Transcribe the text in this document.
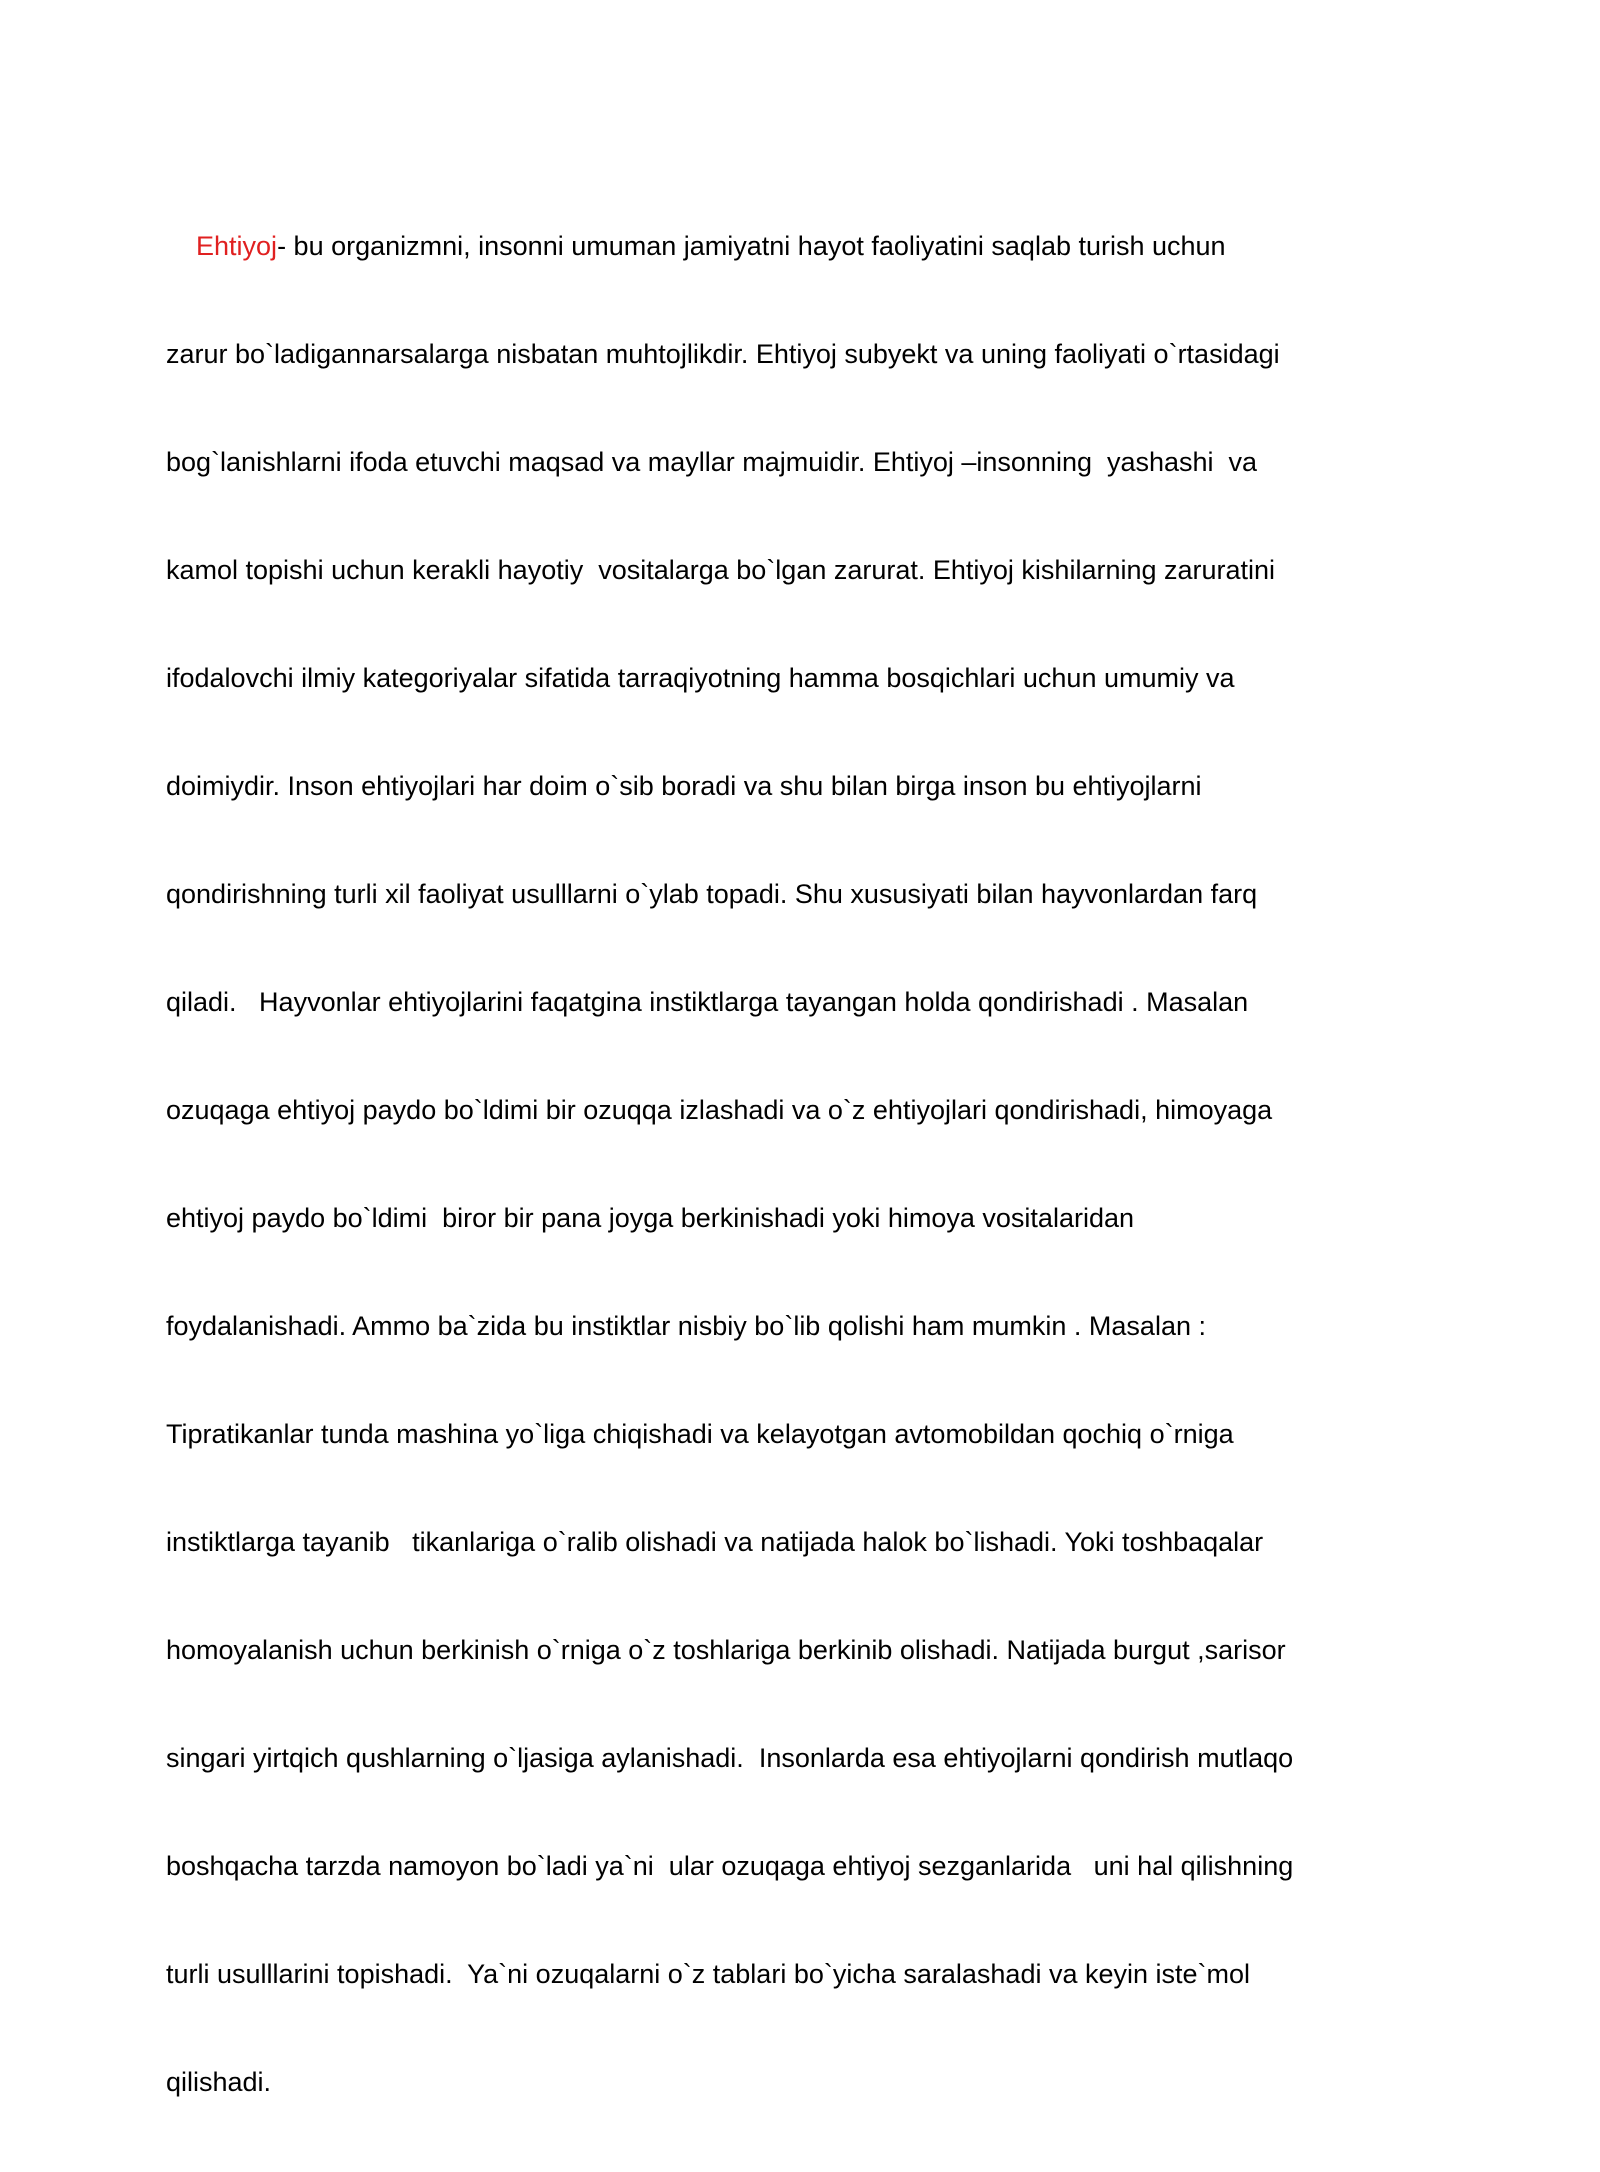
Ehtiyoj- bu organizmni, insonni umuman jamiyatni hayot faoliyatini saqlab turish uchun

zarur bo`ladigannarsalarga nisbatan muhtojlikdir. Ehtiyoj subyekt va uning faoliyati o`rtasidagi

bog`lanishlarni ifoda etuvchi maqsad va mayllar majmuidir. Ehtiyoj –insonning  yashashi  va

kamol topishi uchun kerakli hayotiy  vositalarga bo`lgan zarurat. Ehtiyoj kishilarning zaruratini

ifodalovchi ilmiy kategoriyalar sifatida tarraqiyotning hamma bosqichlari uchun umumiy va

doimiydir. Inson ehtiyojlari har doim o`sib boradi va shu bilan birga inson bu ehtiyojlarni

qondirishning turli xil faoliyat usulllarni o`ylab topadi. Shu xususiyati bilan hayvonlardan farq

qiladi.   Hayvonlar ehtiyojlarini faqatgina instiktlarga tayangan holda qondirishadi . Masalan

ozuqaga ehtiyoj paydo bo`ldimi bir ozuqqa izlashadi va o`z ehtiyojlari qondirishadi, himoyaga

ehtiyoj paydo bo`ldimi  biror bir pana joyga berkinishadi yoki himoya vositalaridan

foydalanishadi. Ammo ba`zida bu instiktlar nisbiy bo`lib qolishi ham mumkin . Masalan :

Tipratikanlar tunda mashina yo`liga chiqishadi va kelayotgan avtomobildan qochiq o`rniga

instiktlarga tayanib   tikanlariga o`ralib olishadi va natijada halok bo`lishadi. Yoki toshbaqalar

homoyalanish uchun berkinish o`rniga o`z toshlariga berkinib olishadi. Natijada burgut ,sarisor

singari yirtqich qushlarning o`ljasiga aylanishadi.  Insonlarda esa ehtiyojlarni qondirish mutlaqo

boshqacha tarzda namoyon bo`ladi ya`ni  ular ozuqaga ehtiyoj sezganlarida   uni hal qilishning

turli usulllarini topishadi.  Ya`ni ozuqalarni o`z tablari bo`yicha saralashadi va keyin iste`mol

qilishadi.
